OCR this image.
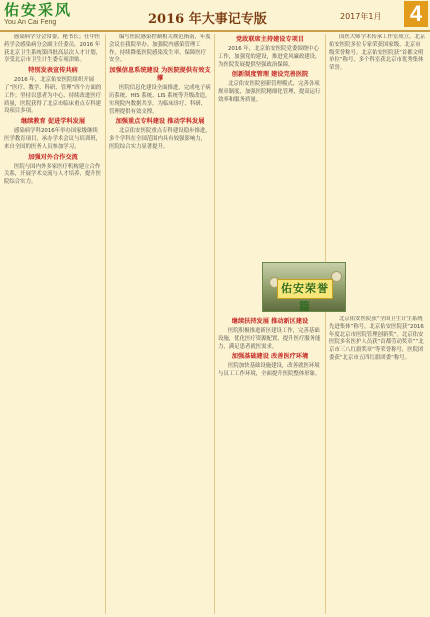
佑安采风
You An Cai Feng	2016 年大事记专版	2017年1月 4

感染病学分会常委、秘书长；任中医药学会感染病分会副主任委员。2016 年获北京卫生系统第四批高层次人才计划，享受北京市卫生计生委专项津贴。

特别发表宣传共病

2016 年，北京佑安医院组织开展了“医疗、教学、科研、管理”四个方面的工作；坚持以患者为中心、持续改进医疗质量，医院获得了北京市临床重点专科建设项目多项。

继续教育 促进学科发展

感染病学科2016年举办国家级继续医学教育项目，承办学术会议与培训班，来自全国的医务人员参加学习。

加强对外合作交流

医院与国内外多家医疗机构建立合作关系，开展学术交流与人才培养，提升医院综合实力。

编写医院感染控制相关规范指南，年度会议在我院举办。加强院内感染管理工作，持续降低医院感染发生率，保障医疗安全。

加强信息系统建设 为医院提供有效支撑

医院信息化建设全面推进，完成电子病历系统、HIS 系统、LIS 系统等升级改造，实现院内数据共享，为临床诊疗、科研、管理提供有效支撑。

加强重点专科建设 推动学科发展

北京佑安医院重点专科建设稳步推进，多个学科在全国范围内具有较强影响力，医院综合实力显著提升。

党政联席主持建设专项目

2016 年，北京佑安医院党委围绕中心工作，加强党的建设，推进党风廉政建设，为医院发展提供坚强政治保障。

创新制度管理 建设完善医院

北京佑安医院创新管理模式，完善各项规章制度，加强医院精细化管理，提高运行效率和服务质量。

继续扶持发展 推动新区建设

医院积极推进新区建设工作，完善基础设施，优化医疗资源配置，提升医疗服务能力，满足患者就医需求。

加强基础建设 改善医疗环境

医院加快基础设施建设，改善就医环境与员工工作环境，全面提升医院整体形象。

国医大师学术传承工作室成立。北京佑安医院多位专家荣获国家级、北京市级荣誉称号。北京佑安医院获“首都文明单位”称号，多个科室获北京市优秀集体荣誉。

北京佑安医院获“全国卫生计生系统先进集体”称号。北京佑安医院获“2016 年度北京市医院管理创新奖”。北京佑安医院多名医护人员获“首都劳动奖章”“北京市三八红旗奖章”等荣誉称号，医院团委获“北京市五四红旗团委”称号。

佑安荣誉篇
